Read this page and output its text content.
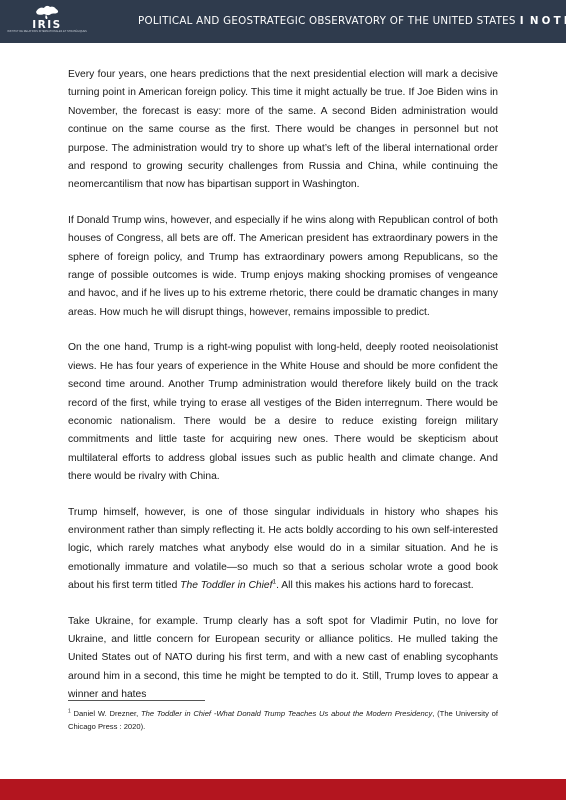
IRIS
INSTITUT DE RELATIONS INTERNATIONALES ET STRATÉGIQUES
POLITICAL AND GEOSTRATEGIC OBSERVATORY OF THE UNITED STATES I NOTE

Every four years, one hears predictions that the next presidential election will mark a decisive turning point in American foreign policy. This time it might actually be true. If Joe Biden wins in November, the forecast is easy: more of the same. A second Biden administration would continue on the same course as the first. There would be changes in personnel but not purpose. The administration would try to shore up what’s left of the liberal international order and respond to growing security challenges from Russia and China, while continuing the neomercantilism that now has bipartisan support in Washington.

If Donald Trump wins, however, and especially if he wins along with Republican control of both houses of Congress, all bets are off. The American president has extraordinary powers in the sphere of foreign policy, and Trump has extraordinary powers among Republicans, so the range of possible outcomes is wide. Trump enjoys making shocking promises of vengeance and havoc, and if he lives up to his extreme rhetoric, there could be dramatic changes in many areas. How much he will disrupt things, however, remains impossible to predict.

On the one hand, Trump is a right-wing populist with long-held, deeply rooted neoisolationist views. He has four years of experience in the White House and should be more confident the second time around. Another Trump administration would therefore likely build on the track record of the first, while trying to erase all vestiges of the Biden interregnum. There would be economic nationalism. There would be a desire to reduce existing foreign military commitments and little taste for acquiring new ones. There would be skepticism about multilateral efforts to address global issues such as public health and climate change. And there would be rivalry with China.

Trump himself, however, is one of those singular individuals in history who shapes his environment rather than simply reflecting it. He acts boldly according to his own self-interested logic, which rarely matches what anybody else would do in a similar situation. And he is emotionally immature and volatile—so much so that a serious scholar wrote a good book about his first term titled The Toddler in Chief$^1$. All this makes his actions hard to forecast.

Take Ukraine, for example. Trump clearly has a soft spot for Vladimir Putin, no love for Ukraine, and little concern for European security or alliance politics. He mulled taking the United States out of NATO during his first term, and with a new cast of enabling sycophants around him in a second, this time he might be tempted to do it. Still, Trump loves to appear a winner and hates

$^1$ Daniel W. Drezner, The Toddler in Chief -What Donald Trump Teaches Us about the Modern Presidency, (The University of Chicago Press : 2020).
